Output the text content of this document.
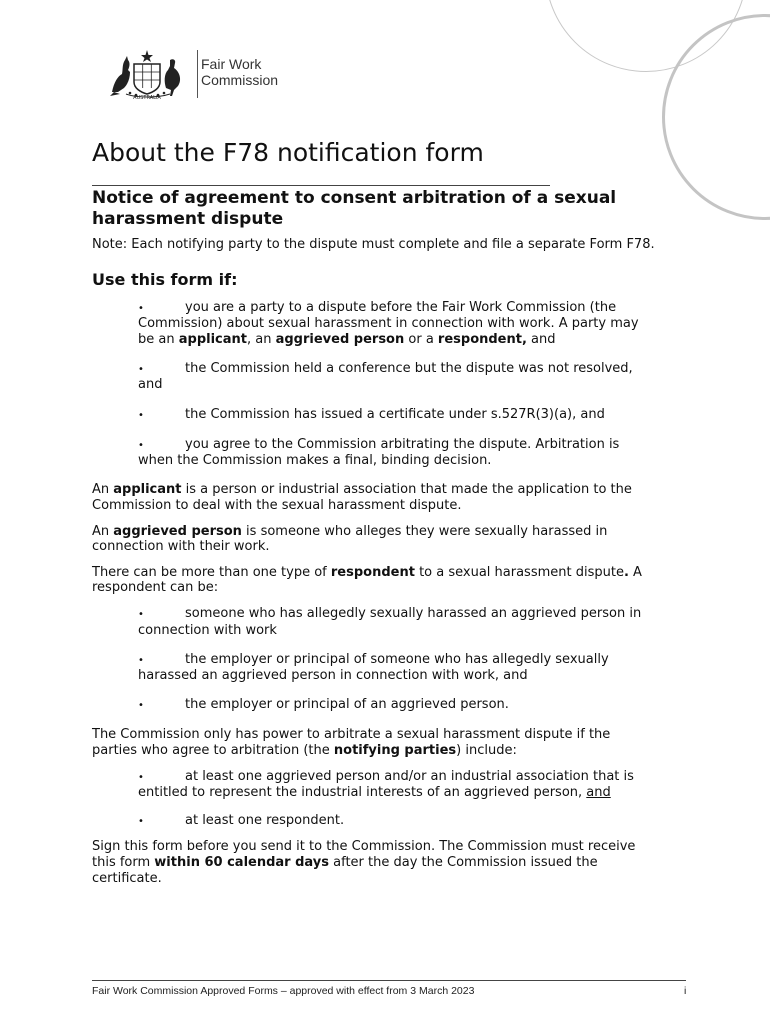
AUSTRALIA
Fair Work
Commission
About the F78 notification form
Notice of agreement to consent arbitration of a sexual harassment dispute

Note: Each notifying party to the dispute must complete and file a separate Form F78.

Use this form if:
•	you are a party to a dispute before the Fair Work Commission (the Commission) about sexual harassment in connection with work. A party may be an applicant, an aggrieved person or a respondent, and
•	the Commission held a conference but the dispute was not resolved, and
•	the Commission has issued a certificate under s.527R(3)(a), and
•	you agree to the Commission arbitrating the dispute. Arbitration is when the Commission makes a final, binding decision.

An applicant is a person or industrial association that made the application to the Commission to deal with the sexual harassment dispute.

An aggrieved person is someone who alleges they were sexually harassed in connection with their work.

There can be more than one type of respondent to a sexual harassment dispute. A respondent can be:

•	someone who has allegedly sexually harassed an aggrieved person in connection with work
•	the employer or principal of someone who has allegedly sexually harassed an aggrieved person in connection with work, and
•	the employer or principal of an aggrieved person.

The Commission only has power to arbitrate a sexual harassment dispute if the parties who agree to arbitration (the notifying parties) include:

•	at least one aggrieved person and/or an industrial association that is entitled to represent the industrial interests of an aggrieved person, and
•	at least one respondent.

Sign this form before you send it to the Commission. The Commission must receive this form within 60 calendar days after the day the Commission issued the certificate.

Fair Work Commission Approved Forms – approved with effect from 3 March 2023	i
